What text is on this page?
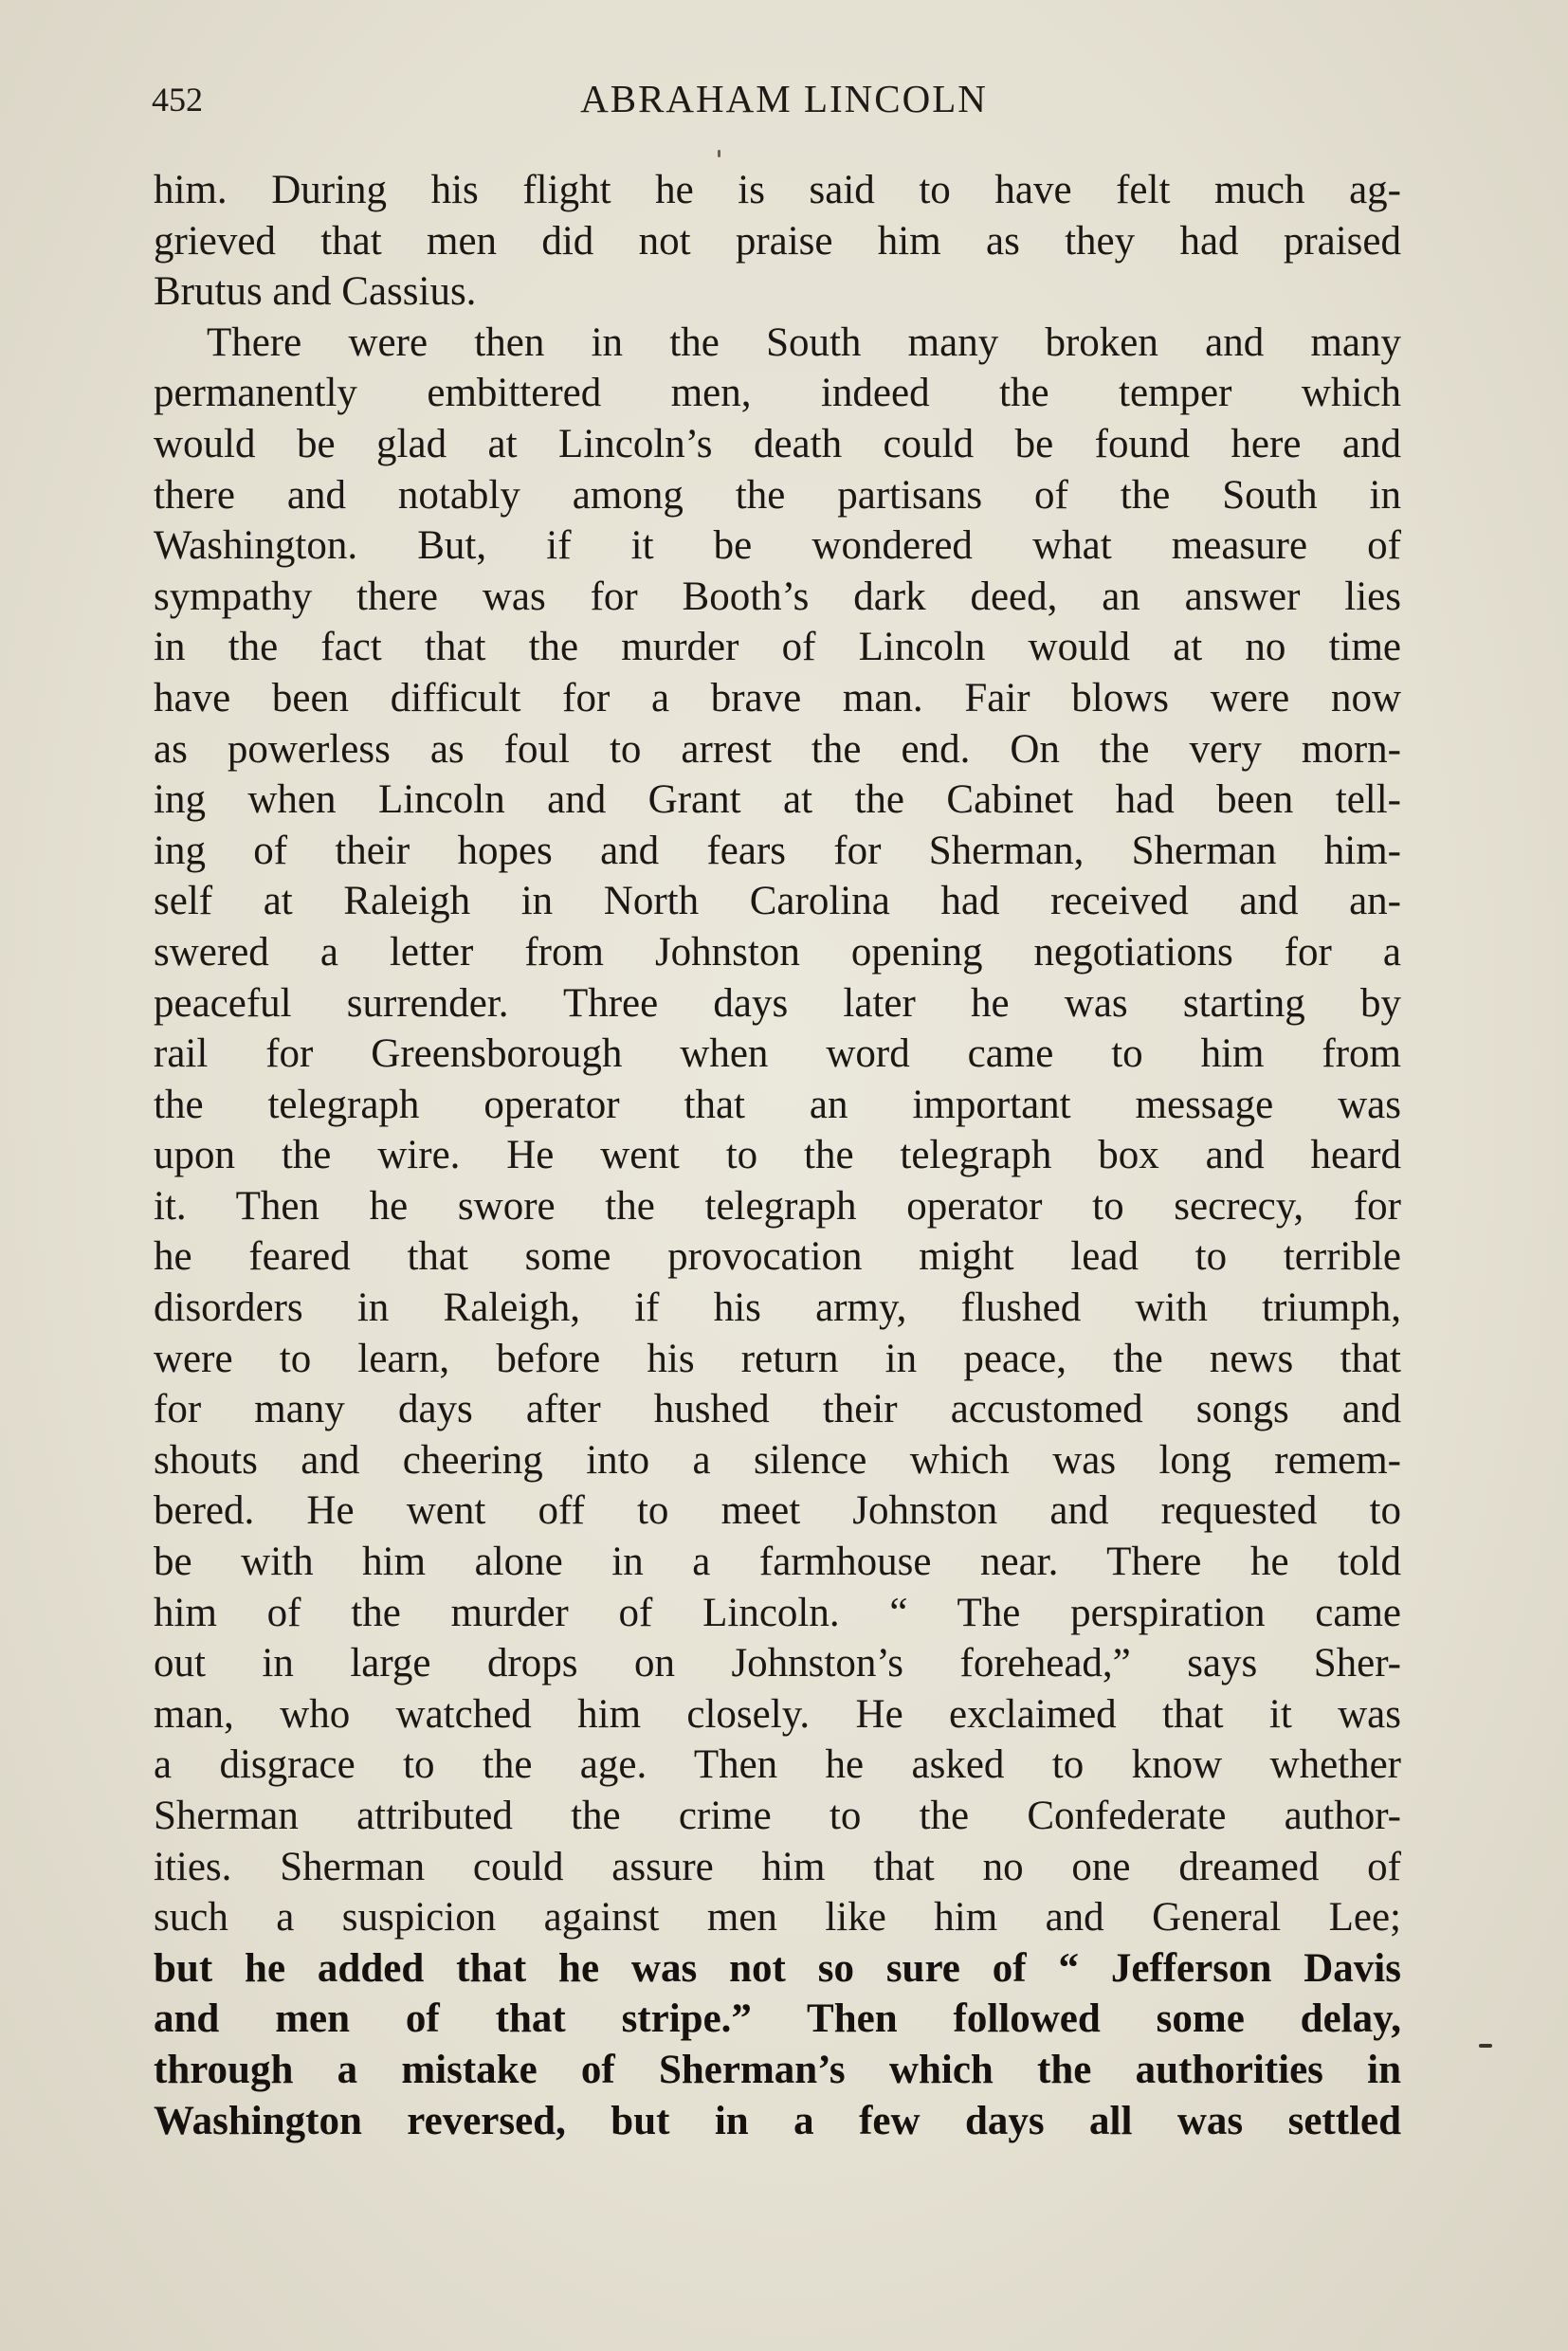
452	ABRAHAM LINCOLN
him. During his flight he is said to have felt much ag-
grieved that men did not praise him as they had praised
Brutus and Cassius.
There were then in the South many broken and many
permanently embittered men, indeed the temper which
would be glad at Lincoln’s death could be found here and
there and notably among the partisans of the South in
Washington. But, if it be wondered what measure of
sympathy there was for Booth’s dark deed, an answer lies
in the fact that the murder of Lincoln would at no time
have been difficult for a brave man. Fair blows were now
as powerless as foul to arrest the end. On the very morn-
ing when Lincoln and Grant at the Cabinet had been tell-
ing of their hopes and fears for Sherman, Sherman him-
self at Raleigh in North Carolina had received and an-
swered a letter from Johnston opening negotiations for a
peaceful surrender. Three days later he was starting by
rail for Greensborough when word came to him from
the telegraph operator that an important message was
upon the wire. He went to the telegraph box and heard
it. Then he swore the telegraph operator to secrecy, for
he feared that some provocation might lead to terrible
disorders in Raleigh, if his army, flushed with triumph,
were to learn, before his return in peace, the news that
for many days after hushed their accustomed songs and
shouts and cheering into a silence which was long remem-
bered. He went off to meet Johnston and requested to
be with him alone in a farmhouse near. There he told
him of the murder of Lincoln. “ The perspiration came
out in large drops on Johnston’s forehead,” says Sher-
man, who watched him closely. He exclaimed that it was
a disgrace to the age. Then he asked to know whether
Sherman attributed the crime to the Confederate author-
ities. Sherman could assure him that no one dreamed of
such a suspicion against men like him and General Lee;
but he added that he was not so sure of “ Jefferson Davis
and men of that stripe.” Then followed some delay,
through a mistake of Sherman’s which the authorities in
Washington reversed, but in a few days all was settled
